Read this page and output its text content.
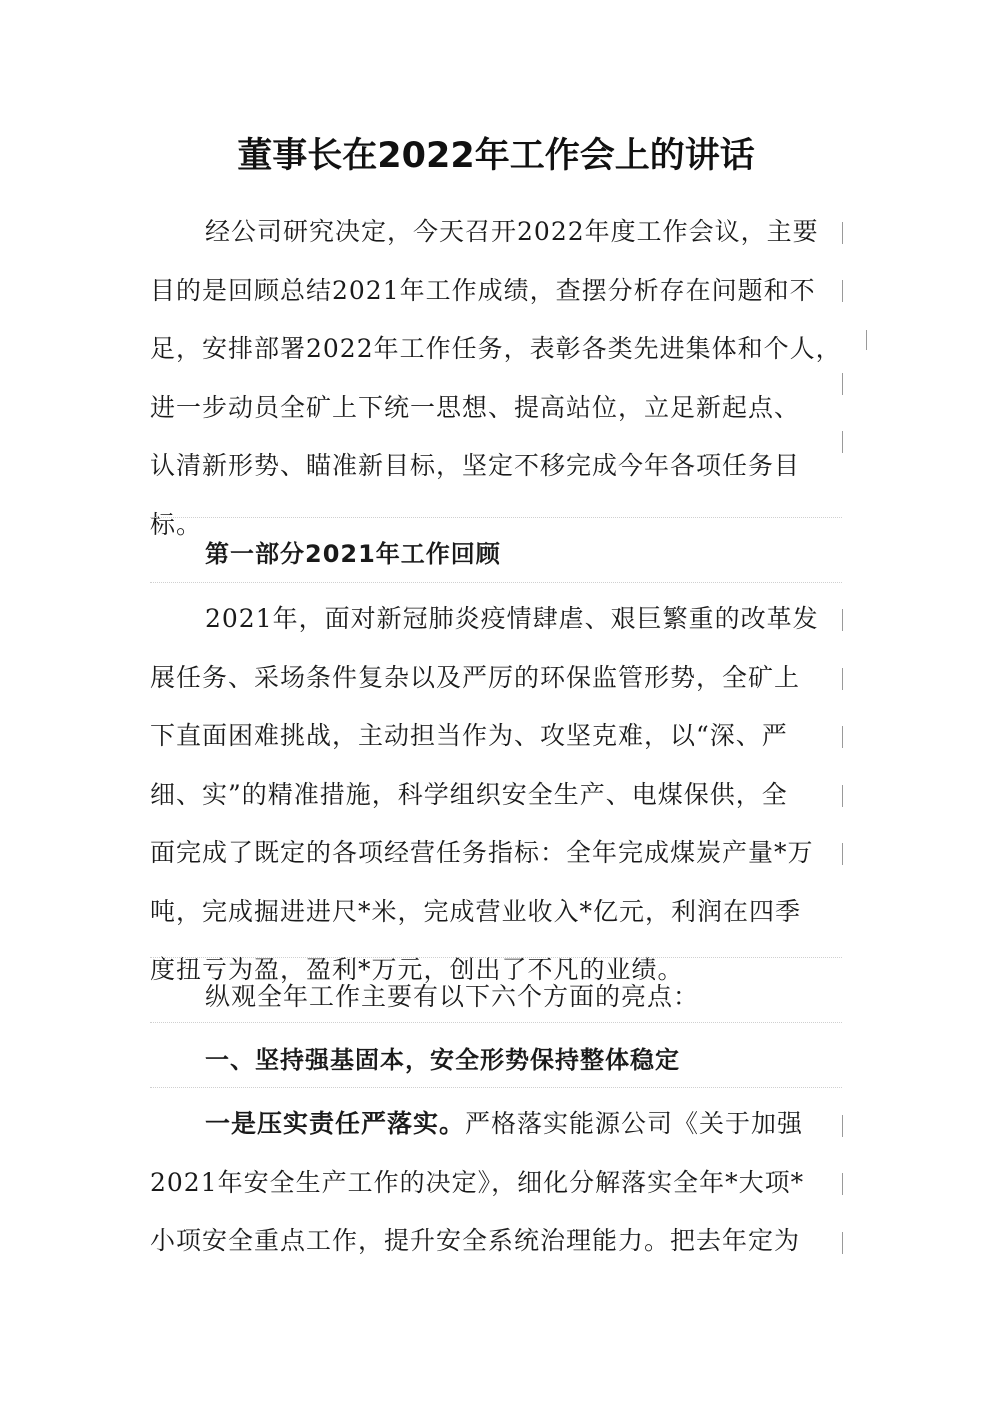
董事长在2022年工作会上的讲话
经公司研究决定，今天召开2022年度工作会议，主要
目的是回顾总结2021年工作成绩，查摆分析存在问题和不
足，安排部署2022年工作任务，表彰各类先进集体和个人，
进一步动员全矿上下统一思想、提高站位，立足新起点、
认清新形势、瞄准新目标，坚定不移完成今年各项任务目
标。
第一部分2021年工作回顾
2021年，面对新冠肺炎疫情肆虐、艰巨繁重的改革发
展任务、采场条件复杂以及严厉的环保监管形势，全矿上
下直面困难挑战，主动担当作为、攻坚克难，以“深、严
细、实”的精准措施，科学组织安全生产、电煤保供，全
面完成了既定的各项经营任务指标：全年完成煤炭产量*万
吨，完成掘进进尺*米，完成营业收入*亿元，利润在四季
度扭亏为盈，盈利*万元，创出了不凡的业绩。
纵观全年工作主要有以下六个方面的亮点：
一、坚持强基固本，安全形势保持整体稳定
一是压实责任严落实。严格落实能源公司《关于加强
2021年安全生产工作的决定》，细化分解落实全年*大项*
小项安全重点工作，提升安全系统治理能力。把去年定为
